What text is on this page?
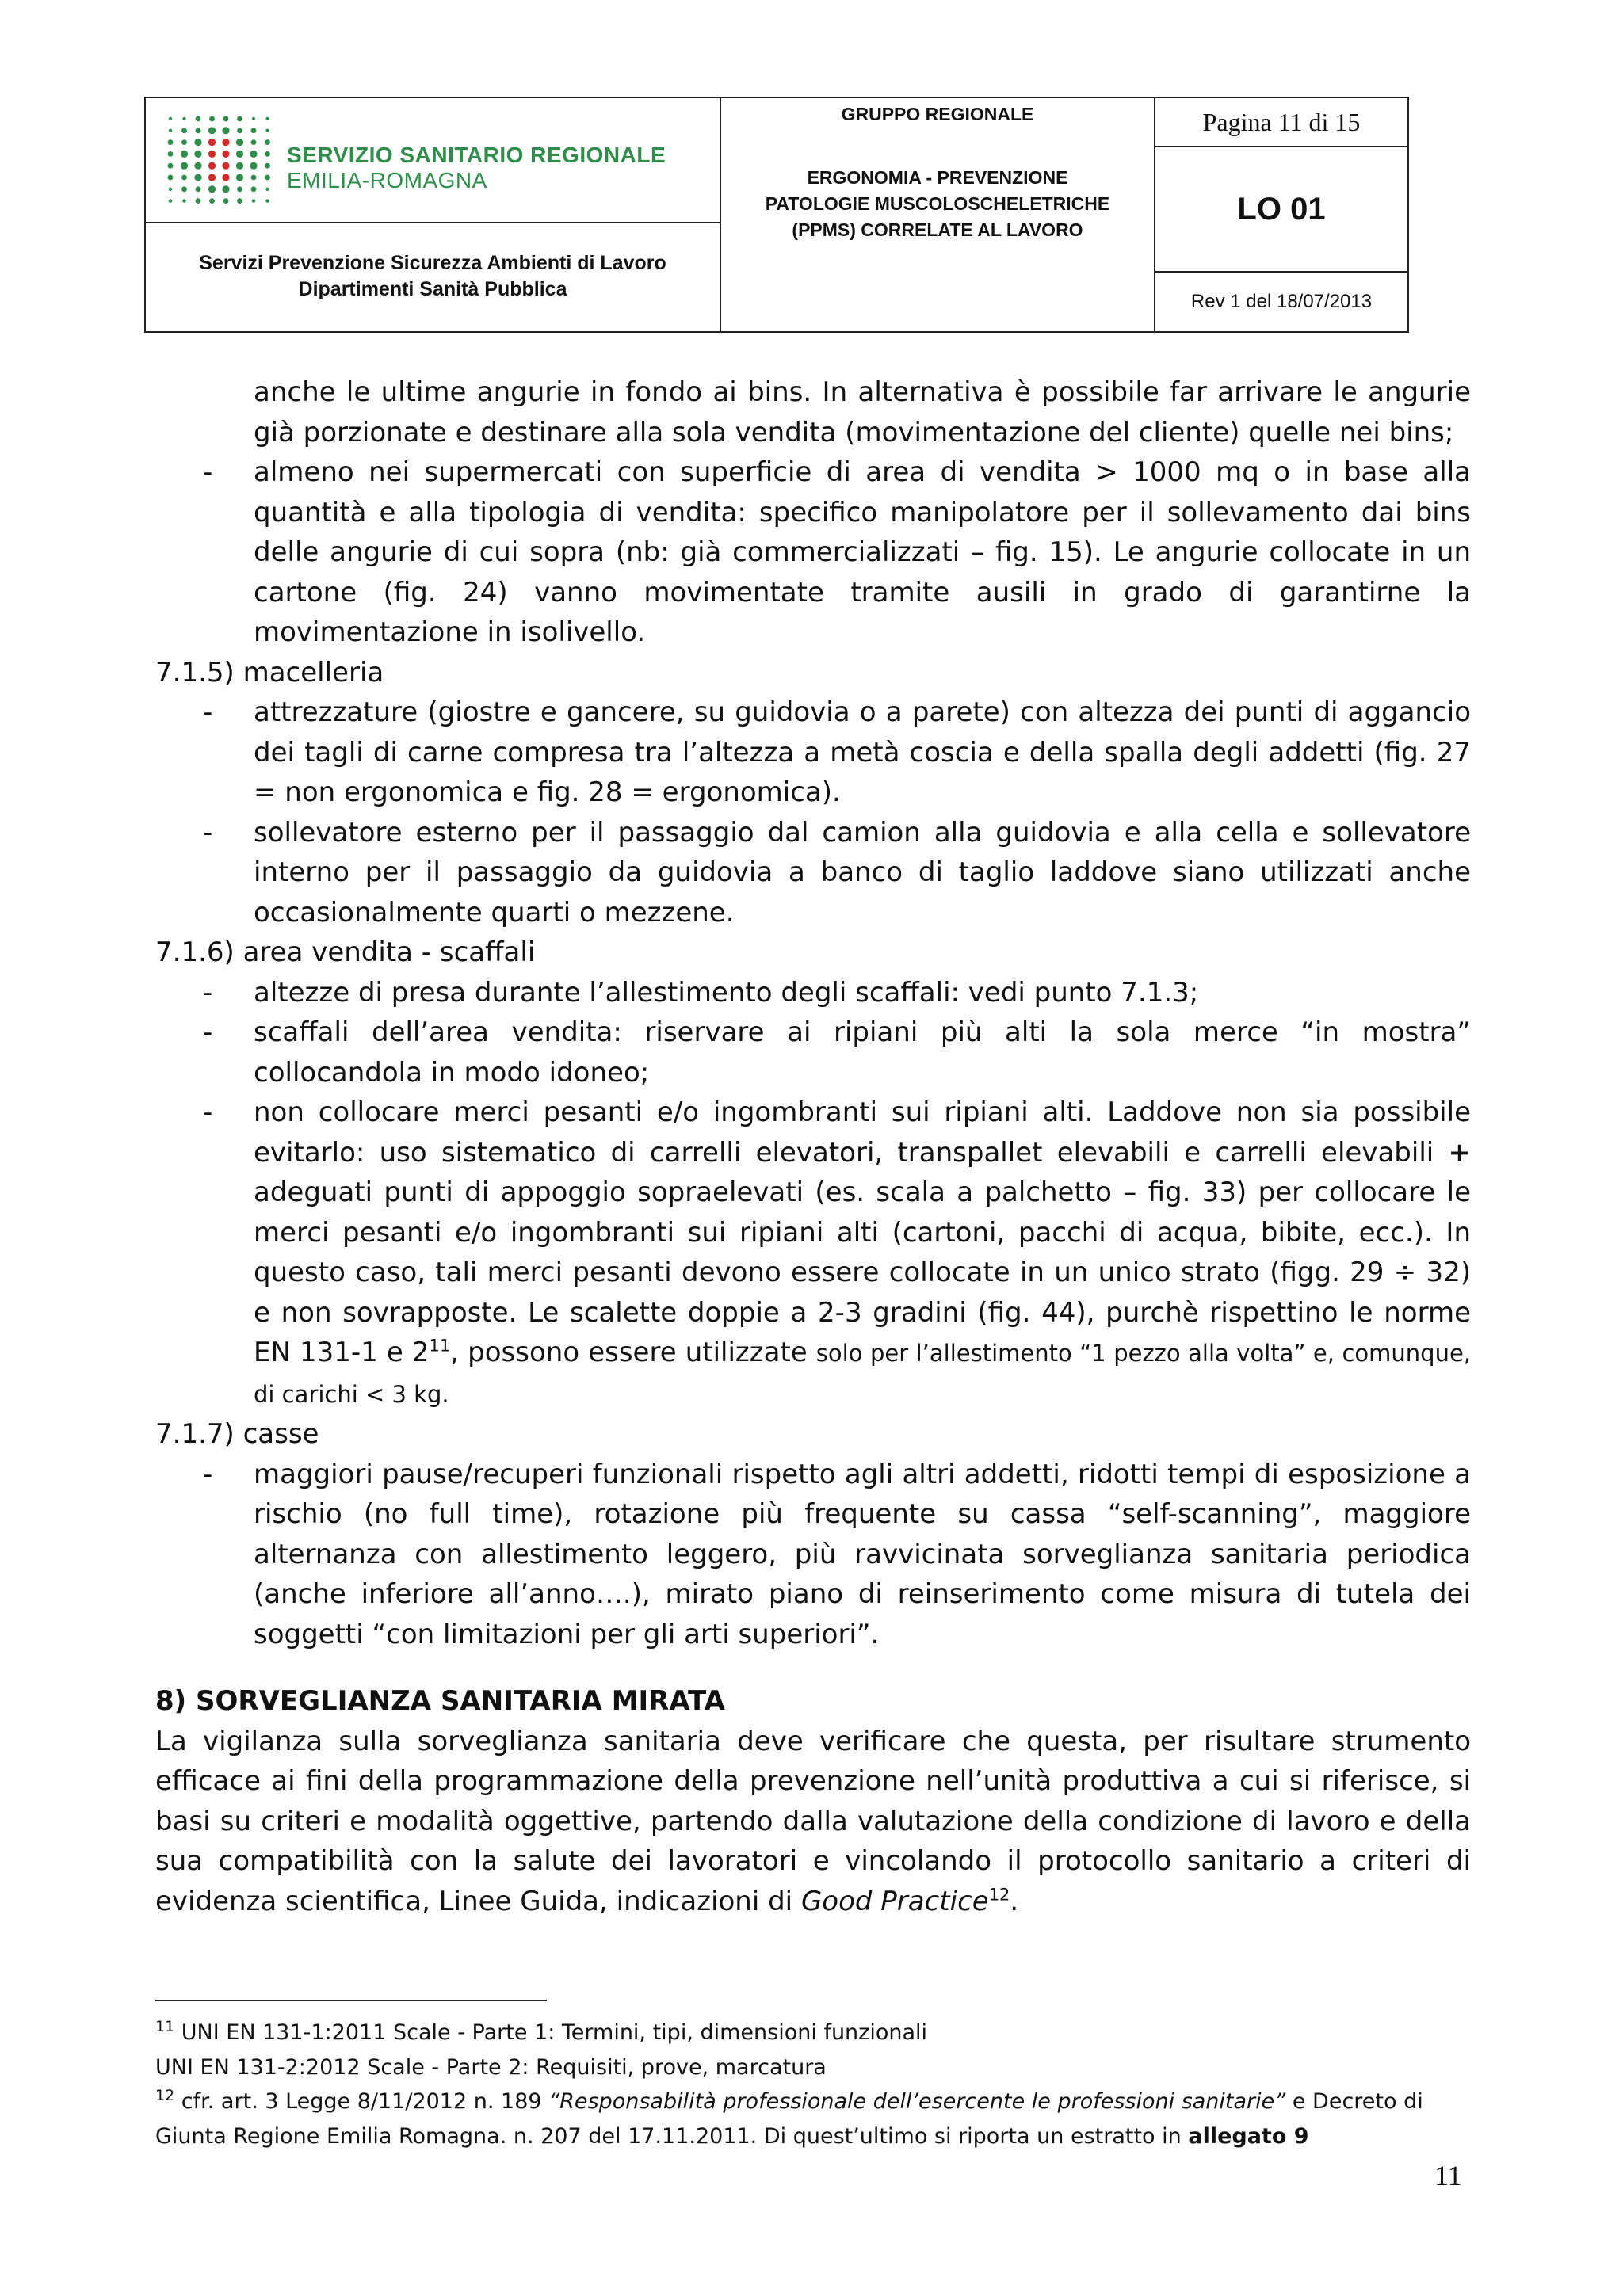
SERVIZIO SANITARIO REGIONALE
EMILIA-ROMAGNA
Servizi Prevenzione Sicurezza Ambienti di Lavoro
Dipartimenti Sanità Pubblica
GRUPPO REGIONALE
ERGONOMIA - PREVENZIONE
PATOLOGIE MUSCOLOSCHELETRICHE
(PPMS) CORRELATE AL LAVORO
Pagina 11 di 15
LO 01
Rev 1 del 18/07/2013
anche le ultime angurie in fondo ai bins. In alternativa è possibile far arrivare le angurie già porzionate e destinare alla sola vendita (movimentazione del cliente) quelle nei bins;
- almeno nei supermercati con superficie di area di vendita > 1000 mq o in base alla quantità e alla tipologia di vendita: specifico manipolatore per il sollevamento dai bins delle angurie di cui sopra (nb: già commercializzati – fig. 15). Le angurie collocate in un cartone (fig. 24) vanno movimentate tramite ausili in grado di garantirne la movimentazione in isolivello.
7.1.5) macelleria
- attrezzature (giostre e gancere, su guidovia o a parete) con altezza dei punti di aggancio dei tagli di carne compresa tra l’altezza a metà coscia e della spalla degli addetti (fig. 27 = non ergonomica e fig. 28 = ergonomica).
- sollevatore esterno per il passaggio dal camion alla guidovia e alla cella e sollevatore interno per il passaggio da guidovia a banco di taglio laddove siano utilizzati anche occasionalmente quarti o mezzene.
7.1.6) area vendita - scaffali
- altezze di presa durante l’allestimento degli scaffali: vedi punto 7.1.3;
- scaffali dell’area vendita: riservare ai ripiani più alti la sola merce “in mostra” collocandola in modo idoneo;
- non collocare merci pesanti e/o ingombranti sui ripiani alti. Laddove non sia possibile evitarlo: uso sistematico di carrelli elevatori, transpallet elevabili e carrelli elevabili + adeguati punti di appoggio sopraelevati (es. scala a palchetto – fig. 33) per collocare le merci pesanti e/o ingombranti sui ripiani alti (cartoni, pacchi di acqua, bibite, ecc.). In questo caso, tali merci pesanti devono essere collocate in un unico strato (figg. 29 ÷ 32) e non sovrapposte. Le scalette doppie a 2-3 gradini (fig. 44), purchè rispettino le norme EN 131-1 e $2^{11}$, possono essere utilizzate solo per l’allestimento “1 pezzo alla volta” e, comunque, di carichi < 3 kg.
7.1.7) casse
- maggiori pause/recuperi funzionali rispetto agli altri addetti, ridotti tempi di esposizione a rischio (no full time), rotazione più frequente su cassa “self-scanning”, maggiore alternanza con allestimento leggero, più ravvicinata sorveglianza sanitaria periodica (anche inferiore all’anno….), mirato piano di reinserimento come misura di tutela dei soggetti “con limitazioni per gli arti superiori”.
8) SORVEGLIANZA SANITARIA MIRATA
La vigilanza sulla sorveglianza sanitaria deve verificare che questa, per risultare strumento efficace ai fini della programmazione della prevenzione nell’unità produttiva a cui si riferisce, si basi su criteri e modalità oggettive, partendo dalla valutazione della condizione di lavoro e della sua compatibilità con la salute dei lavoratori e vincolando il protocollo sanitario a criteri di evidenza scientifica, Linee Guida, indicazioni di Good Practice$^{12}$.
$^{11}$ UNI EN 131-1:2011 Scale - Parte 1: Termini, tipi, dimensioni funzionali
UNI EN 131-2:2012 Scale - Parte 2: Requisiti, prove, marcatura
$^{12}$ cfr. art. 3 Legge 8/11/2012 n. 189 “Responsabilità professionale dell’esercente le professioni sanitarie” e Decreto di Giunta Regione Emilia Romagna. n. 207 del 17.11.2011. Di quest’ultimo si riporta un estratto in allegato 9
11
